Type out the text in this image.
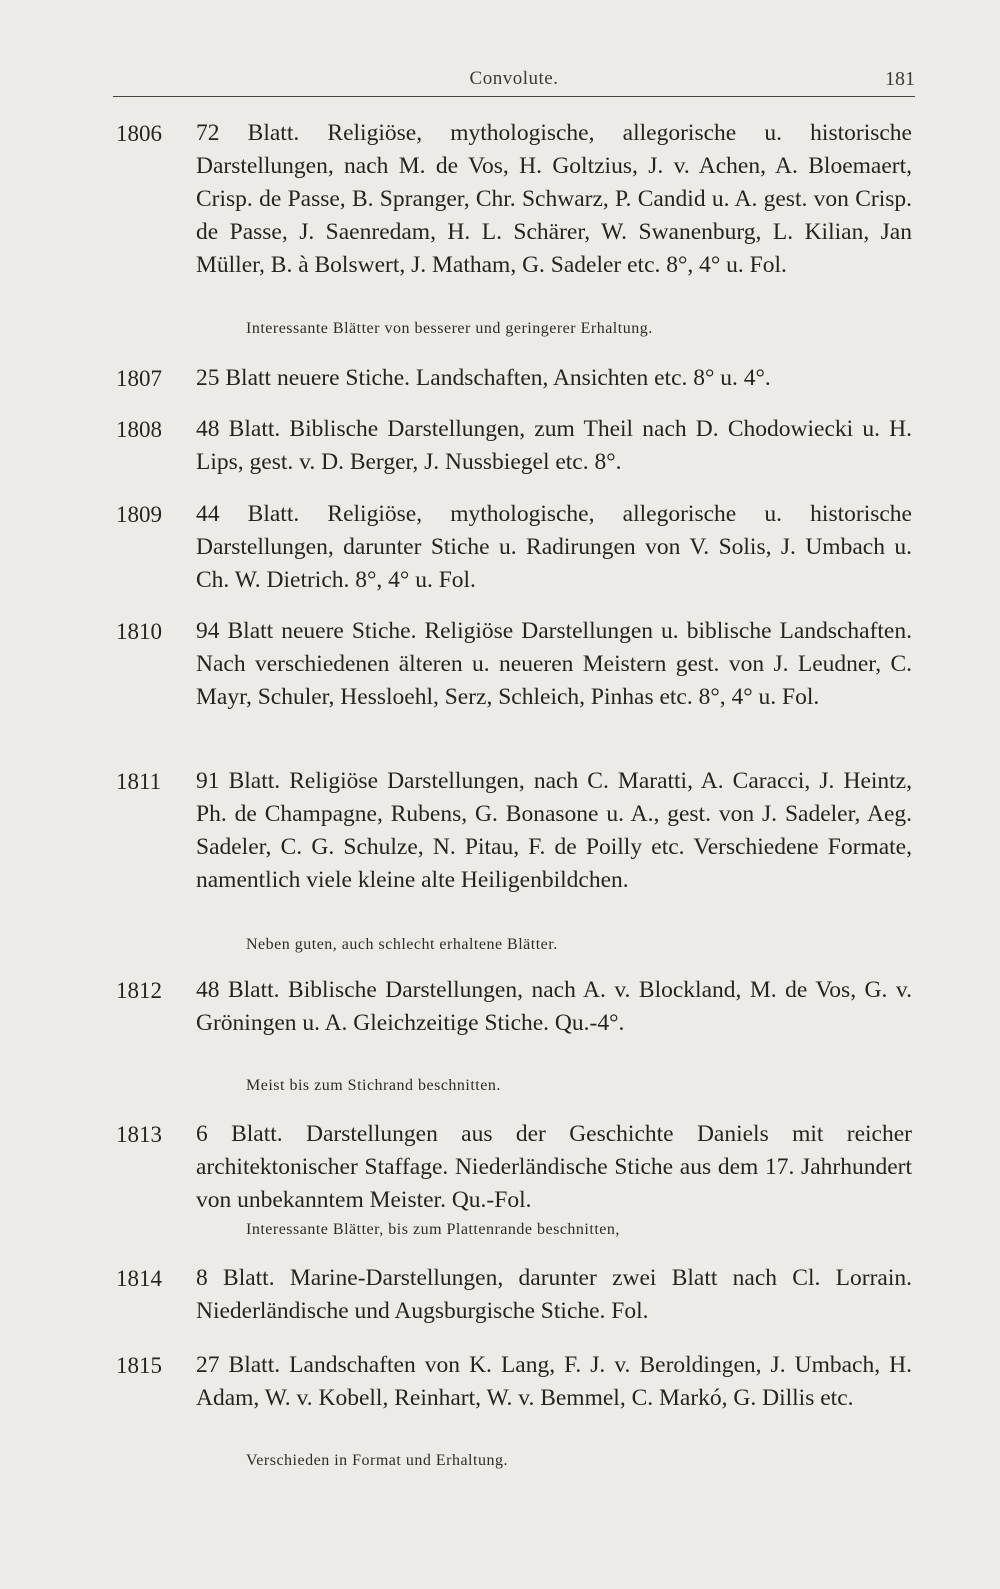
Convolute.	181
1806 72 Blatt. Religiöse, mythologische, allegorische u. historische Darstellungen, nach M. de Vos, H. Goltzius, J. v. Achen, A. Bloemaert, Crisp. de Passe, B. Spranger, Chr. Schwarz, P. Candid u. A. gest. von Crisp. de Passe, J. Saenredam, H. L. Schärer, W. Swanenburg, L. Kilian, Jan Müller, B. à Bolswert, J. Matham, G. Sadeler etc. 8°, 4° u. Fol.
Interessante Blätter von besserer und geringerer Erhaltung.
1807 25 Blatt neuere Stiche. Landschaften, Ansichten etc. 8° u. 4°.
1808 48 Blatt. Biblische Darstellungen, zum Theil nach D. Chodowiecki u. H. Lips, gest. v. D. Berger, J. Nussbiegel etc. 8°.
1809 44 Blatt. Religiöse, mythologische, allegorische u. historische Darstellungen, darunter Stiche u. Radirungen von V. Solis, J. Umbach u. Ch. W. Dietrich. 8°, 4° u. Fol.
1810 94 Blatt neuere Stiche. Religiöse Darstellungen u. biblische Landschaften. Nach verschiedenen älteren u. neueren Meistern gest. von J. Leudner, C. Mayr, Schuler, Hessloehl, Serz, Schleich, Pinhas etc. 8°, 4° u. Fol.
1811 91 Blatt. Religiöse Darstellungen, nach C. Maratti, A. Caracci, J. Heintz, Ph. de Champagne, Rubens, G. Bonasone u. A., gest. von J. Sadeler, Aeg. Sadeler, C. G. Schulze, N. Pitau, F. de Poilly etc. Verschiedene Formate, namentlich viele kleine alte Heiligenbildchen.
Neben guten, auch schlecht erhaltene Blätter.
1812 48 Blatt. Biblische Darstellungen, nach A. v. Blockland, M. de Vos, G. v. Gröningen u. A. Gleichzeitige Stiche. Qu.-4°.
Meist bis zum Stichrand beschnitten.
1813 6 Blatt. Darstellungen aus der Geschichte Daniels mit reicher architektonischer Staffage. Niederländische Stiche aus dem 17. Jahrhundert von unbekanntem Meister. Qu.-Fol.
Interessante Blätter, bis zum Plattenrande beschnitten,
1814 8 Blatt. Marine-Darstellungen, darunter zwei Blatt nach Cl. Lorrain. Niederländische und Augsburgische Stiche. Fol.
1815 27 Blatt. Landschaften von K. Lang, F. J. v. Beroldingen, J. Umbach, H. Adam, W. v. Kobell, Reinhart, W. v. Bemmel, C. Markó, G. Dillis etc.
Verschieden in Format und Erhaltung.
